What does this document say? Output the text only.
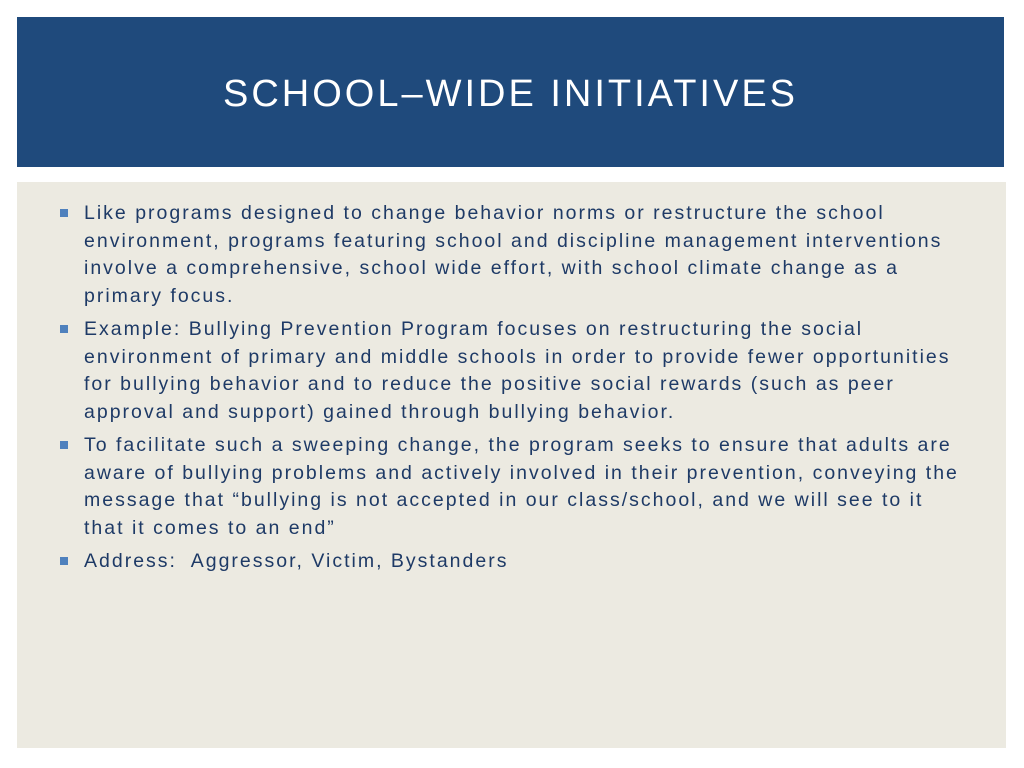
SCHOOL–WIDE INITIATIVES
Like programs designed to change behavior norms or restructure the school environment, programs featuring school and discipline management interventions involve a comprehensive, school wide effort, with school climate change as a primary focus.
Example: Bullying Prevention Program focuses on restructuring the social environment of primary and middle schools in order to provide fewer opportunities for bullying behavior and to reduce the positive social rewards (such as peer approval and support) gained through bullying behavior.
To facilitate such a sweeping change, the program seeks to ensure that adults are aware of bullying problems and actively involved in their prevention, conveying the message that “bullying is not accepted in our class/school, and we will see to it that it comes to an end”
Address:  Aggressor, Victim, Bystanders
